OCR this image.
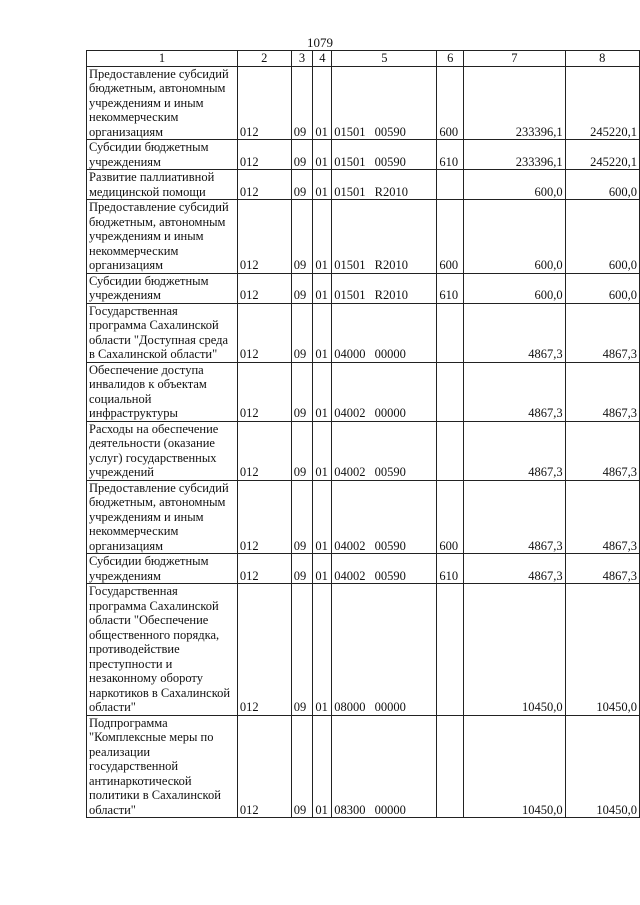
1079
1	2	3	4	5	6	7	8
Предоставление субсидий бюджетным, автономным учреждениям и иным некоммерческим организациям	012	09	01	01501 00590	600	233396,1	245220,1
Субсидии бюджетным учреждениям	012	09	01	01501 00590	610	233396,1	245220,1
Развитие паллиативной медицинской помощи	012	09	01	01501 R2010		600,0	600,0
Предоставление субсидий бюджетным, автономным учреждениям и иным некоммерческим организациям	012	09	01	01501 R2010	600	600,0	600,0
Субсидии бюджетным учреждениям	012	09	01	01501 R2010	610	600,0	600,0
Государственная программа Сахалинской области "Доступная среда в Сахалинской области"	012	09	01	04000 00000		4867,3	4867,3
Обеспечение доступа инвалидов к объектам социальной инфраструктуры	012	09	01	04002 00000		4867,3	4867,3
Расходы на обеспечение деятельности (оказание услуг) государственных учреждений	012	09	01	04002 00590		4867,3	4867,3
Предоставление субсидий бюджетным, автономным учреждениям и иным некоммерческим организациям	012	09	01	04002 00590	600	4867,3	4867,3
Субсидии бюджетным учреждениям	012	09	01	04002 00590	610	4867,3	4867,3
Государственная программа Сахалинской области "Обеспечение общественного порядка, противодействие преступности и незаконному обороту наркотиков в Сахалинской области"	012	09	01	08000 00000		10450,0	10450,0
Подпрограмма "Комплексные меры по реализации государственной антинаркотической политики в Сахалинской области"	012	09	01	08300 00000		10450,0	10450,0
